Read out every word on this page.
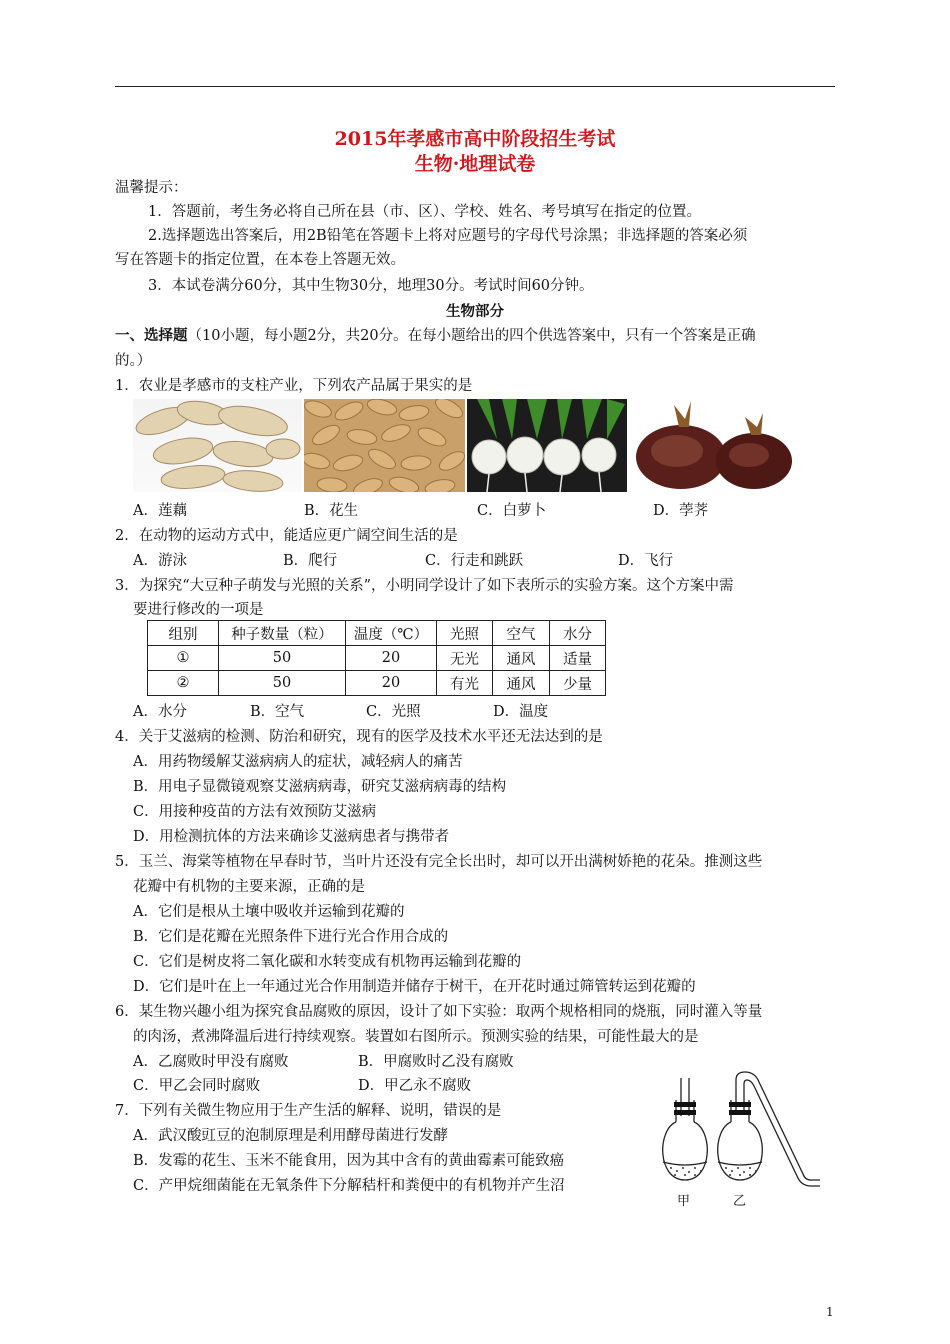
2015年孝感市高中阶段招生考试
生物·地理试卷
温馨提示：
1．答题前，考生务必将自己所在县（市、区）、学校、姓名、考号填写在指定的位置。
2.选择题选出答案后，用2B铅笔在答题卡上将对应题号的字母代号涂黑；非选择题的答案必须
写在答题卡的指定位置，在本卷上答题无效。
3．本试卷满分60分，其中生物30分，地理30分。考试时间60分钟。
生物部分
一、选择题（10小题，每小题2分，共20分。在每小题给出的四个供选答案中，只有一个答案是正确
的。）
1．农业是孝感市的支柱产业，下列农产品属于果实的是
A．莲藕	B．花生	C．白萝卜	D．荸荠
2．在动物的运动方式中，能适应更广阔空间生活的是
A．游泳	B．爬行	C．行走和跳跃	D．飞行
3．为探究“大豆种子萌发与光照的关系”，小明同学设计了如下表所示的实验方案。这个方案中需
要进行修改的一项是
组别	种子数量（粒）	温度（℃）	光照	空气	水分
①	50	20	无光	通风	适量
②	50	20	有光	通风	少量
A．水分	B．空气	C．光照	D．温度
4．关于艾滋病的检测、防治和研究，现有的医学及技术水平还无法达到的是
A．用药物缓解艾滋病病人的症状，减轻病人的痛苦
B．用电子显微镜观察艾滋病病毒，研究艾滋病病毒的结构
C．用接种疫苗的方法有效预防艾滋病
D．用检测抗体的方法来确诊艾滋病患者与携带者
5．玉兰、海棠等植物在早春时节，当叶片还没有完全长出时，却可以开出满树娇艳的花朵。推测这些
花瓣中有机物的主要来源，正确的是
A．它们是根从土壤中吸收并运输到花瓣的
B．它们是花瓣在光照条件下进行光合作用合成的
C．它们是树皮将二氧化碳和水转变成有机物再运输到花瓣的
D．它们是叶在上一年通过光合作用制造并储存于树干，在开花时通过筛管转运到花瓣的
6．某生物兴趣小组为探究食品腐败的原因，设计了如下实验：取两个规格相同的烧瓶，同时灌入等量
的肉汤，煮沸降温后进行持续观察。装置如右图所示。预测实验的结果，可能性最大的是
A．乙腐败时甲没有腐败	B．甲腐败时乙没有腐败
C．甲乙会同时腐败	D．甲乙永不腐败
甲	乙
7．下列有关微生物应用于生产生活的解释、说明，错误的是
A．武汉酸豇豆的泡制原理是利用酵母菌进行发酵
B．发霉的花生、玉米不能食用，因为其中含有的黄曲霉素可能致癌
C．产甲烷细菌能在无氧条件下分解秸杆和粪便中的有机物并产生沼
1
